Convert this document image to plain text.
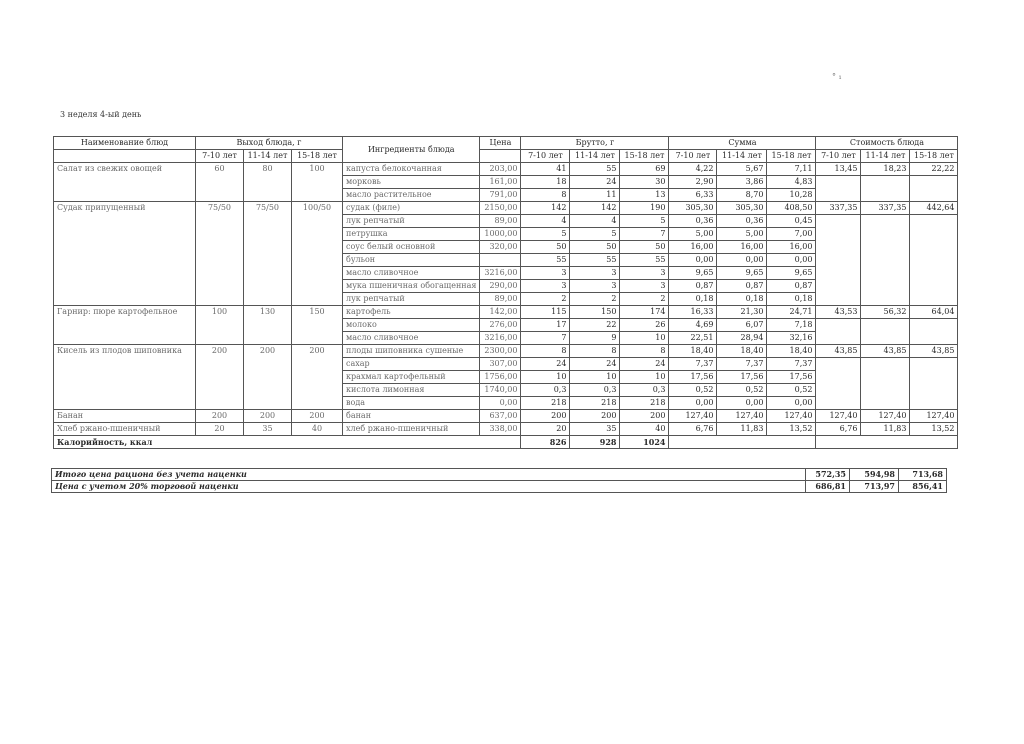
° ₁
3 неделя 4-ый день
Наименование блюд	Выход блюда, г			Ингредиенты блюда	Цена	Брутто, г			Сумма			Стоимость блюда		
	7-10 лет	11-14 лет	15-18 лет			7-10 лет	11-14 лет	15-18 лет	7-10 лет	11-14 лет	15-18 лет	7-10 лет	11-14 лет	15-18 лет
Салат из свежих овощей	60	80	100	капуста белокочанная	203,00	41	55	69	4,22	5,67	7,11	13,45	18,23	22,22
				морковь	161,00	18	24	30	2,90	3,86	4,83			
				масло растительное	791,00	8	11	13	6,33	8,70	10,28			
Судак припущенный	75/50	75/50	100/50	судак (филе)	2150,00	142	142	190	305,30	305,30	408,50	337,35	337,35	442,64
				лук репчатый	89,00	4	4	5	0,36	0,36	0,45			
				петрушка	1000,00	5	5	7	5,00	5,00	7,00			
				соус белый основной	320,00	50	50	50	16,00	16,00	16,00			
				бульон		55	55	55	0,00	0,00	0,00			
				масло сливочное	3216,00	3	3	3	9,65	9,65	9,65			
				мука пшеничная обогащенная	290,00	3	3	3	0,87	0,87	0,87			
				лук репчатый	89,00	2	2	2	0,18	0,18	0,18			
Гарнир: пюре картофельное	100	130	150	картофель	142,00	115	150	174	16,33	21,30	24,71	43,53	56,32	64,04
				молоко	276,00	17	22	26	4,69	6,07	7,18			
				масло сливочное	3216,00	7	9	10	22,51	28,94	32,16			
Кисель из плодов шиповника	200	200	200	плоды шиповника сушеные	2300,00	8	8	8	18,40	18,40	18,40	43,85	43,85	43,85
				сахар	307,00	24	24	24	7,37	7,37	7,37			
				крахмал картофельный	1756,00	10	10	10	17,56	17,56	17,56			
				кислота лимонная	1740,00	0,3	0,3	0,3	0,52	0,52	0,52			
				вода	0,00	218	218	218	0,00	0,00	0,00			
Банан	200	200	200	банан	637,00	200	200	200	127,40	127,40	127,40	127,40	127,40	127,40
Хлеб ржано-пшеничный	20	35	40	хлеб ржано-пшеничный	338,00	20	35	40	6,76	11,83	13,52	6,76	11,83	13,52
Калорийность, ккал						826	928	1024						
Итого цена рациона без учета наценки	572,35	594,98	713,68
Цена с учетом 20% торговой наценки	686,81	713,97	856,41
